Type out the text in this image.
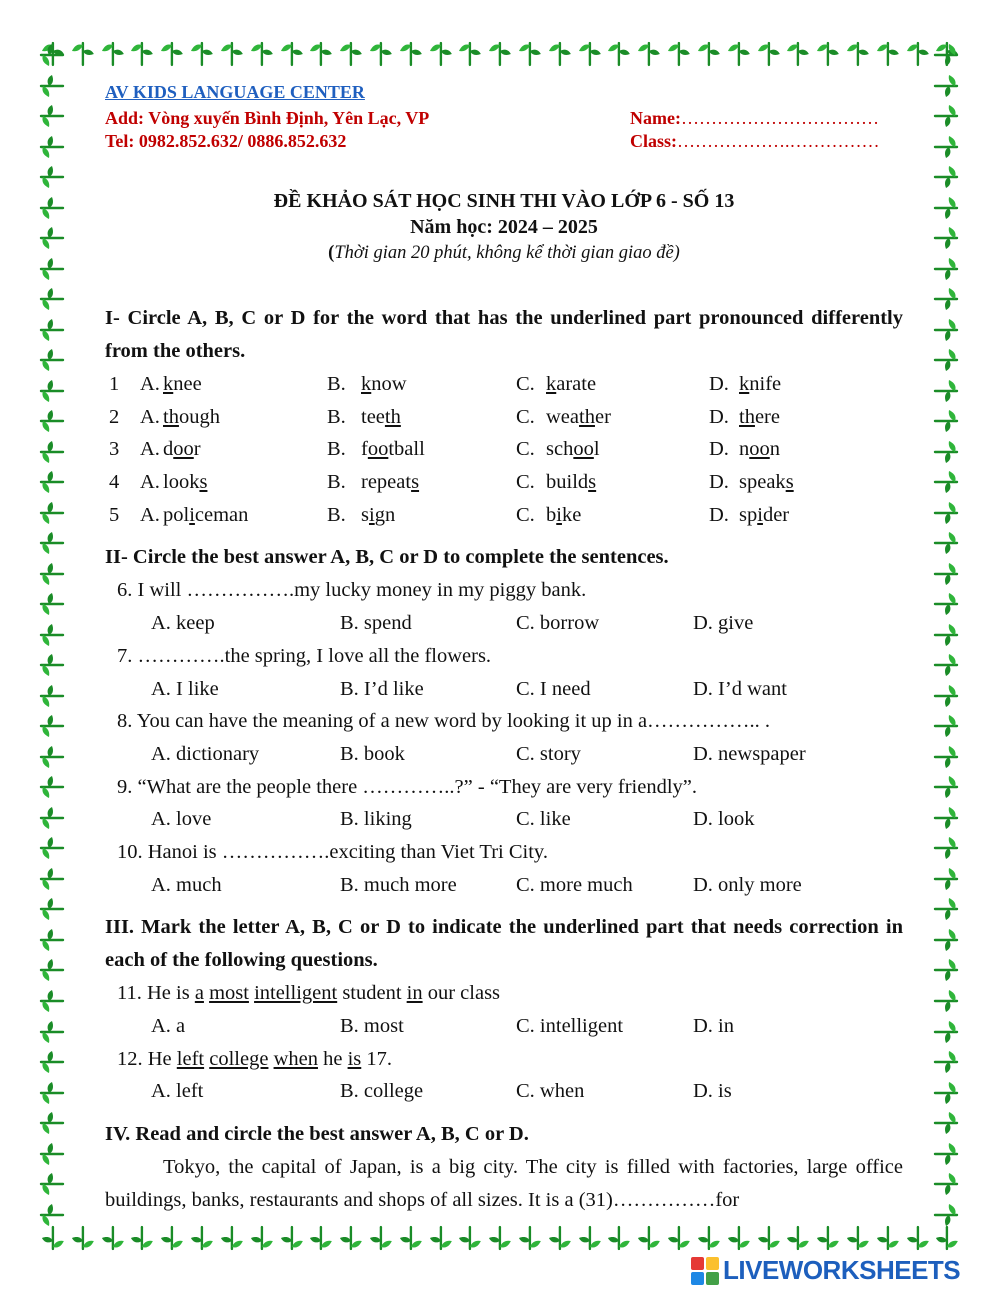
AV KIDS LANGUAGE CENTER
Add: Vòng xuyến Bình Định, Yên Lạc, VP
Tel: 0982.852.632/ 0886.852.632
Name:……………………………
Class:……………….……………
ĐỀ KHẢO SÁT HỌC SINH THI VÀO LỚP 6 - SỐ 13
Năm học: 2024 – 2025
(Thời gian 20 phút, không kể thời gian giao đề)
I- Circle A, B, C or D for the word that has the underlined part pronounced differently from the others.
1 A. knee	B. know	C. karate	D. knife
2 A. though	B. teeth	C. weather	D. there
3 A. door	B. football	C. school	D. noon
4 A. looks	B. repeats	C. builds	D. speaks
5 A. policeman	B. sign	C. bike	D. spider
II- Circle the best answer A, B, C or D to complete the sentences.
6. I will …………….my lucky money in my piggy bank.
A. keep	B. spend	C. borrow	D. give
7. ………….the spring, I love all the flowers.
A. I like	B. I’d like	C. I need	D. I’d want
8. You can have the meaning of a new word by looking it up in a…………….. .
A. dictionary	B. book	C. story	D. newspaper
9. “What are the people there …………..?” - “They are very friendly”.
A. love	B. liking	C. like	D. look
10. Hanoi is …………….exciting than Viet Tri City.
A. much	B. much more	C. more much	D. only more
III. Mark the letter A, B, C or D to indicate the underlined part that needs correction in each of the following questions.
11. He is a most intelligent student in our class
A. a	B. most	C. intelligent	D. in
12. He left college when he is 17.
A. left	B. college	C. when	D. is
IV. Read and circle the best answer A, B, C or D.
Tokyo, the capital of Japan, is a big city. The city is filled with factories, large office buildings, banks, restaurants and shops of all sizes. It is a (31)……………for
LIVEWORKSHEETS
